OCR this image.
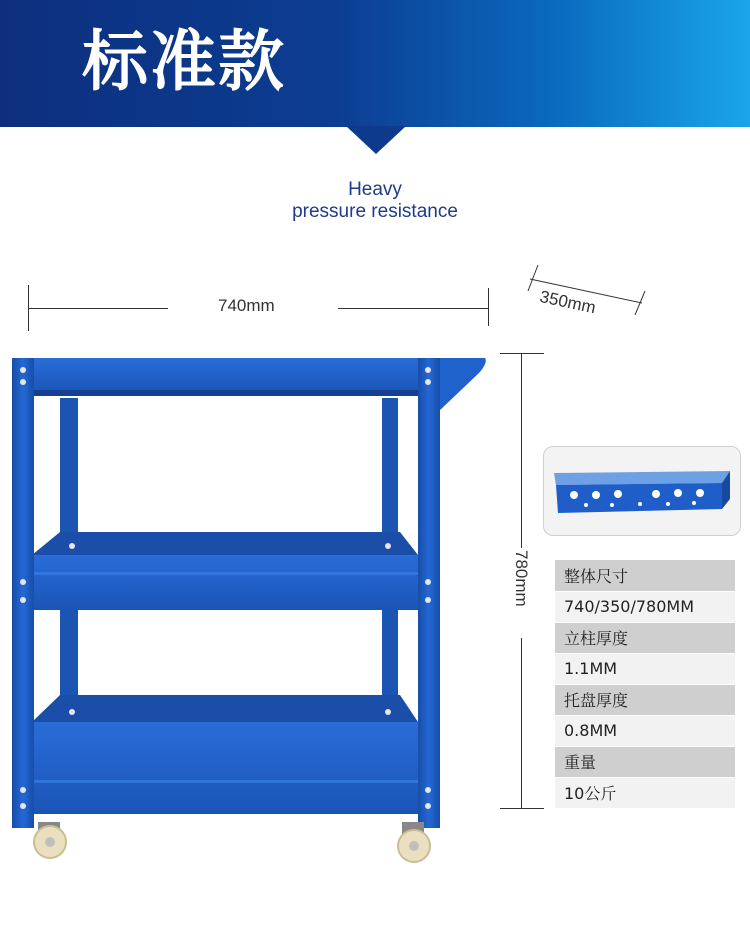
标准款
Heavy
pressure resistance
740mm	350mm
780mm 整体尺寸
740/350/780MM
立柱厚度
1.1MM
托盘厚度
0.8MM
重量
10公斤
